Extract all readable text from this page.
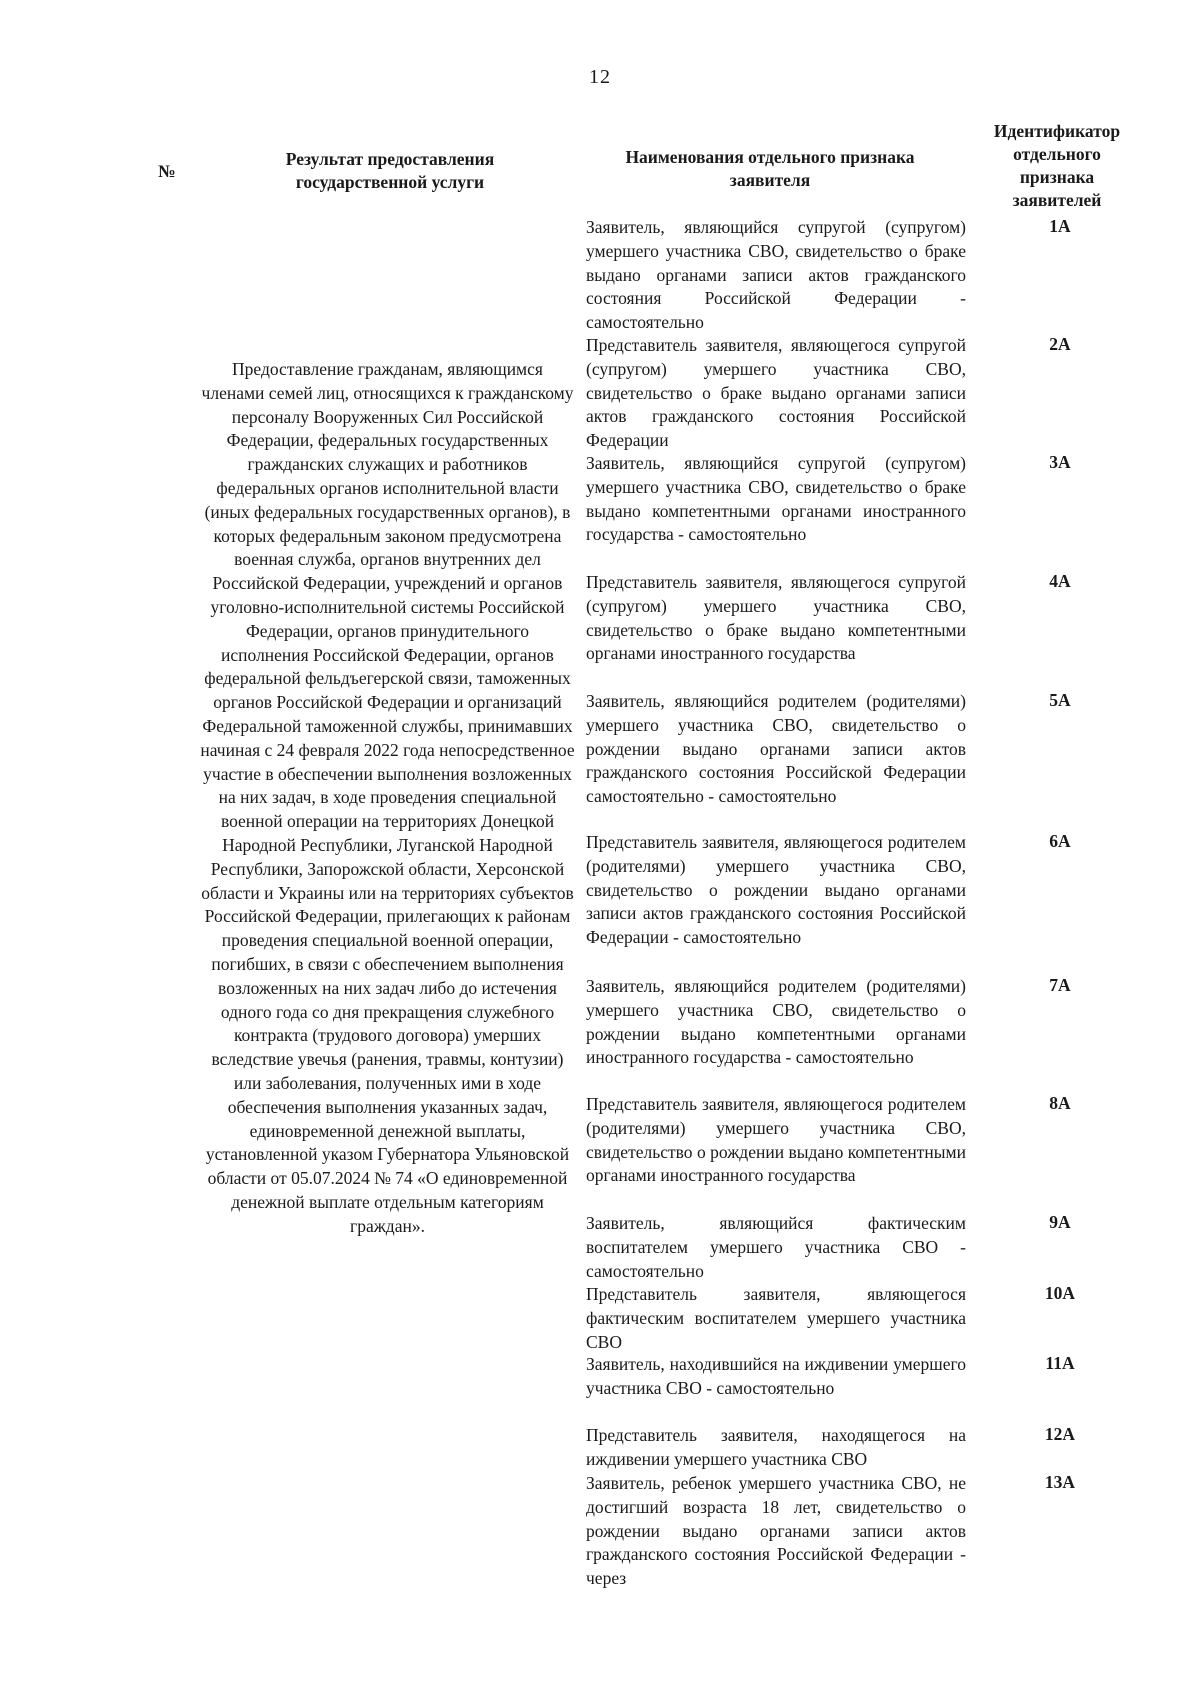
12
№
Результат предоставления государственной услуги
Наименования отдельного признака заявителя
Идентификатор отдельного признака заявителей
Предоставление гражданам, являющимся членами семей лиц, относящихся к гражданскому персоналу Вооруженных Сил Российской Федерации, федеральных государственных гражданских служащих и работников федеральных органов исполнительной власти (иных федеральных государственных органов), в которых федеральным законом предусмотрена военная служба, органов внутренних дел Российской Федерации, учреждений и органов уголовно-исполнительной системы Российской Федерации, органов принудительного исполнения Российской Федерации, органов федеральной фельдъегерской связи, таможенных органов Российской Федерации и организаций Федеральной таможенной службы, принимавших начиная с 24 февраля 2022 года непосредственное участие в обеспечении выполнения возложенных на них задач, в ходе проведения специальной военной операции на территориях Донецкой Народной Республики, Луганской Народной Республики, Запорожской области, Херсонской области и Украины или на территориях субъектов Российской Федерации, прилегающих к районам проведения специальной военной операции, погибших, в связи с обеспечением выполнения возложенных на них задач либо до истечения одного года со дня прекращения служебного контракта (трудового договора) умерших вследствие увечья (ранения, травмы, контузии) или заболевания, полученных ими в ходе обеспечения выполнения указанных задач, единовременной денежной выплаты, установленной указом Губернатора Ульяновской области от 05.07.2024 № 74 «О единовременной денежной выплате отдельным категориям граждан».
Заявитель, являющийся супругой (супругом) умершего участника СВО, свидетельство о браке выдано органами записи актов гражданского состояния Российской Федерации - самостоятельно
1А
Представитель заявителя, являющегося супругой (супругом) умершего участника СВО, свидетельство о браке выдано органами записи актов гражданского состояния Российской Федерации
2А
Заявитель, являющийся супругой (супругом) умершего участника СВО, свидетельство о браке выдано компетентными органами иностранного государства - самостоятельно
3А
Представитель заявителя, являющегося супругой (супругом) умершего участника СВО, свидетельство о браке выдано компетентными органами иностранного государства
4А
Заявитель, являющийся родителем (родителями) умершего участника СВО, свидетельство о рождении выдано органами записи актов гражданского состояния Российской Федерации самостоятельно - самостоятельно
5А
Представитель заявителя, являющегося родителем (родителями) умершего участника СВО, свидетельство о рождении выдано органами записи актов гражданского состояния Российской Федерации - самостоятельно
6А
Заявитель, являющийся родителем (родителями) умершего участника СВО, свидетельство о рождении выдано компетентными органами иностранного государства - самостоятельно
7А
Представитель заявителя, являющегося родителем (родителями) умершего участника СВО, свидетельство о рождении выдано компетентными органами иностранного государства
8А
Заявитель, являющийся фактическим воспитателем умершего участника СВО - самостоятельно
9А
Представитель заявителя, являющегося фактическим воспитателем умершего участника СВО
10А
Заявитель, находившийся на иждивении умершего участника СВО - самостоятельно
11А
Представитель заявителя, находящегося на иждивении умершего участника СВО
12А
Заявитель, ребенок умершего участника СВО, не достигший возраста 18 лет, свидетельство о рождении выдано органами записи актов гражданского состояния Российской Федерации - через
13А
